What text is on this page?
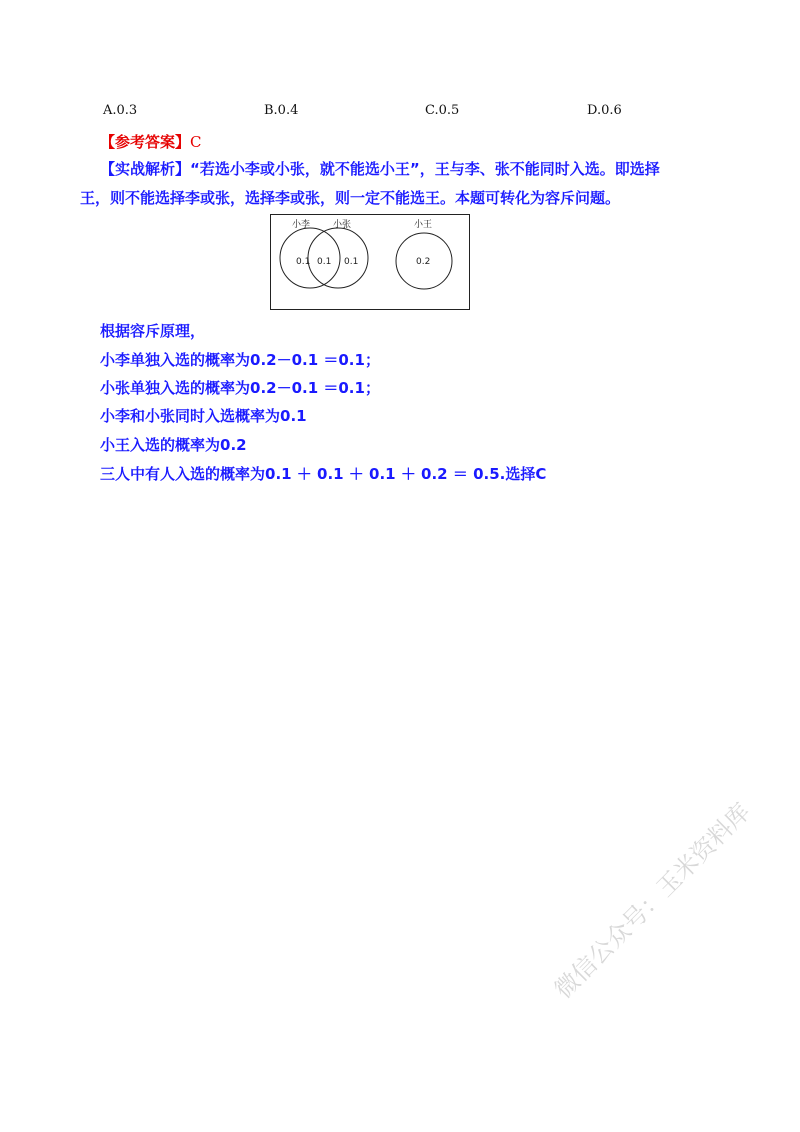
A.0.3	B.0.4	C.0.5	D.0.6
【参考答案】C
【实战解析】“若选小李或小张，就不能选小王”，王与李、张不能同时入选。即选择
王，则不能选择李或张，选择李或张，则一定不能选王。本题可转化为容斥问题。
小李	小张	小王
0.1 0.1 0.1	0.2
根据容斥原理，
小李单独入选的概率为0.2－0.1 ＝0.1；
小张单独入选的概率为0.2－0.1 ＝0.1；
小李和小张同时入选概率为0.1
小王入选的概率为0.2
三人中有人入选的概率为0.1 ＋ 0.1 ＋ 0.1 ＋ 0.2 ＝ 0.5.选择C
微信公众号：玉米资料库
